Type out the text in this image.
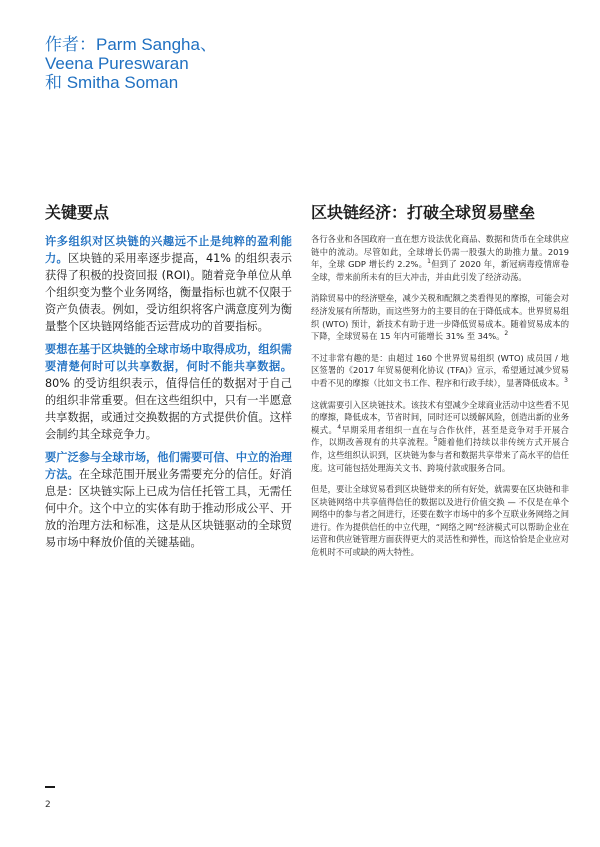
作者：Parm Sangha、
Veena Pureswaran
和 Smitha Soman
关键要点

许多组织对区块链的兴趣远不止是纯粹的盈利能力。区块链的采用率逐步提高，41% 的组织表示获得了积极的投资回报 (ROI)。随着竞争单位从单个组织变为整个业务网络，衡量指标也就不仅限于资产负债表。例如，受访组织将客户满意度列为衡量整个区块链网络能否运营成功的首要指标。

要想在基于区块链的全球市场中取得成功，组织需要清楚何时可以共享数据，何时不能共享数据。80% 的受访组织表示，值得信任的数据对于自己的组织非常重要。但在这些组织中，只有一半愿意共享数据，或通过交换数据的方式提供价值。这样会制约其全球竞争力。

要广泛参与全球市场，他们需要可信、中立的治理方法。在全球范围开展业务需要充分的信任。好消息是：区块链实际上已成为信任托管工具，无需任何中介。这个中立的实体有助于推动形成公平、开放的治理方法和标准，这是从区块链驱动的全球贸易市场中释放价值的关键基础。

区块链经济：打破全球贸易壁垒

各行各业和各国政府一直在想方设法优化商品、数据和货币在全球供应链中的流动。尽管如此，全球增长仍需一股强大的助推力量。2019 年，全球 GDP 增长约 2.2%。$^1$但到了 2020 年，新冠病毒疫情席卷全球，带来前所未有的巨大冲击，并由此引发了经济动荡。

消除贸易中的经济壁垒，减少关税和配额之类看得见的摩擦，可能会对经济发展有所帮助，而这些努力的主要目的在于降低成本。世界贸易组织 (WTO) 预计，新技术有助于进一步降低贸易成本。随着贸易成本的下降，全球贸易在 15 年内可能增长 31% 至 34%。$^2$

不过非常有趣的是：由超过 160 个世界贸易组织 (WTO) 成员国 / 地区签署的《2017 年贸易便利化协议 (TFA)》宣示，希望通过减少贸易中看不见的摩擦（比如文书工作、程序和行政手续），显著降低成本。$^3$

这就需要引入区块链技术。该技术有望减少全球商业活动中这些看不见的摩擦，降低成本，节省时间，同时还可以缓解风险，创造出新的业务模式。$^4$早期采用者组织一直在与合作伙伴，甚至是竞争对手开展合作，以期改善现有的共享流程。$^5$随着他们持续以非传统方式开展合作，这些组织认识到，区块链为参与者和数据共享带来了高水平的信任度。这可能包括处理海关文书、跨境付款或服务合同。

但是，要让全球贸易看到区块链带来的所有好处，就需要在区块链和非区块链网络中共享值得信任的数据以及进行价值交换 — 不仅是在单个网络中的参与者之间进行，还要在数字市场中的多个互联业务网络之间进行。作为提供信任的中立代理，“网络之网”经济模式可以帮助企业在运营和供应链管理方面获得更大的灵活性和弹性，而这恰恰是企业应对危机时不可或缺的两大特性。

2
